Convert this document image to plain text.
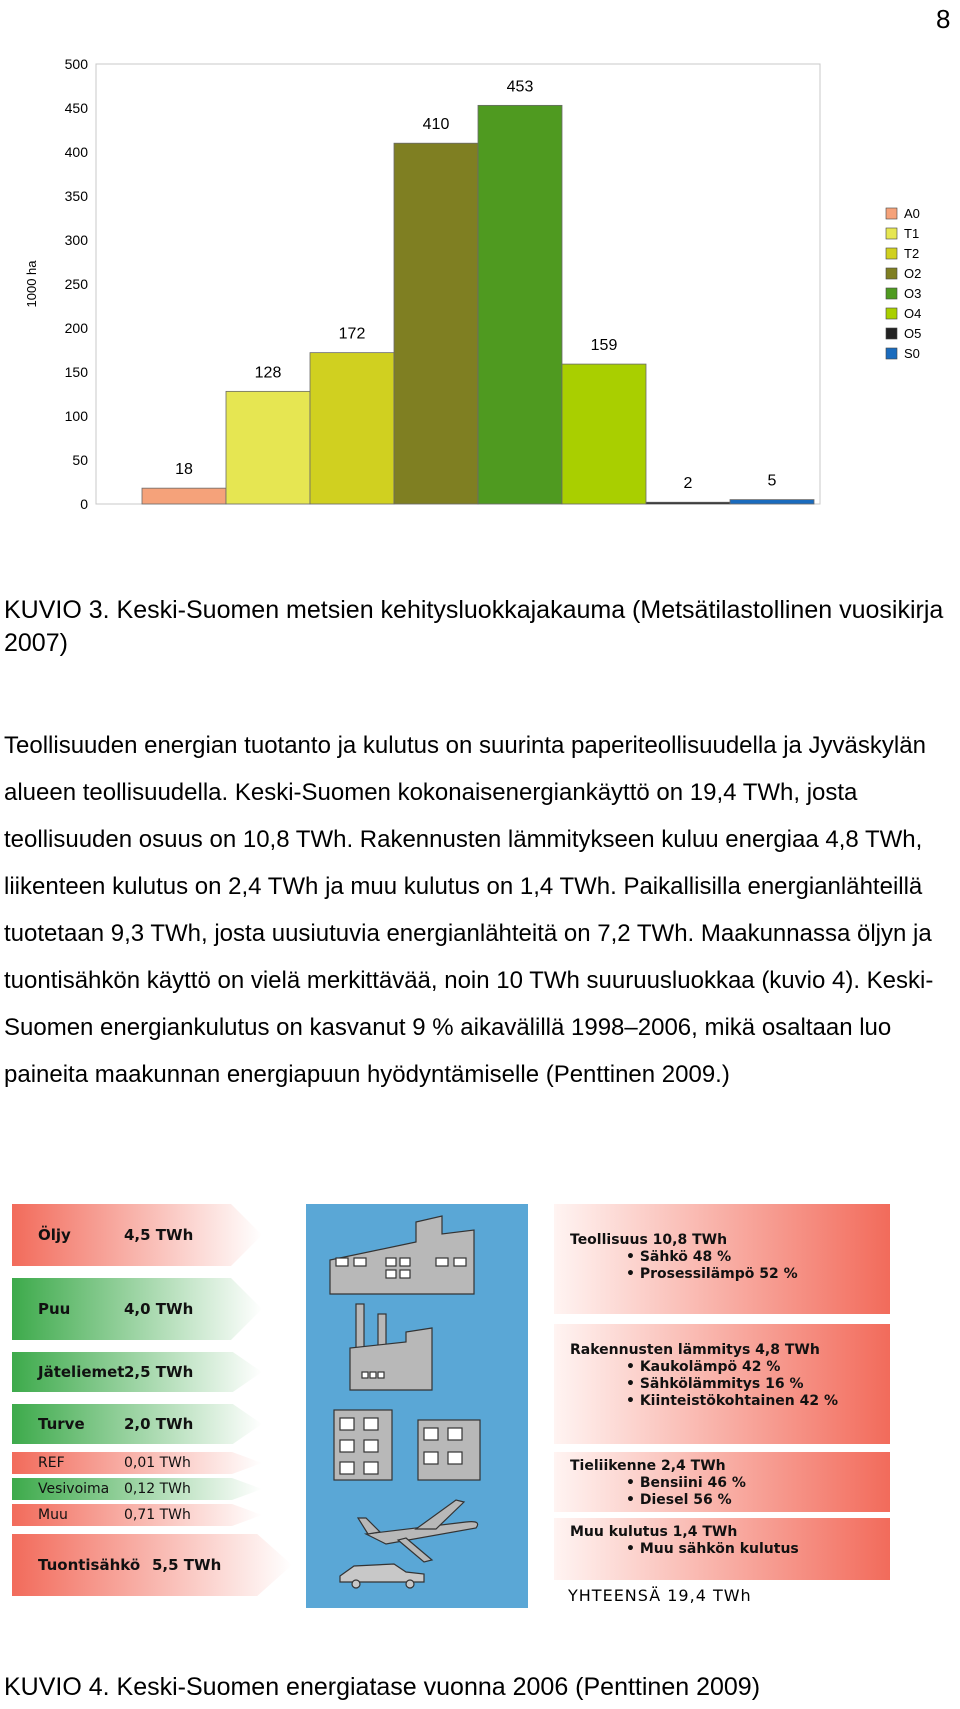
8
0
50
100
150
200
250
300
350
400
450
500
1000 ha
18
128
172
410
453
159
2	5
A0
T1
T2
O2
O3
O4
O5
S0
KUVIO 3. Keski-Suomen metsien kehitysluokkajakauma (Metsätilastollinen vuosikirja 2007)

Teollisuuden energian tuotanto ja kulutus on suurinta paperiteollisuudella ja Jyväskylän alueen teollisuudella. Keski-Suomen kokonaisenergiankäyttö on 19,4 TWh, josta teollisuuden osuus on 10,8 TWh. Rakennusten lämmitykseen kuluu energiaa 4,8 TWh, liikenteen kulutus on 2,4 TWh ja muu kulutus on 1,4 TWh. Paikallisilla energianlähteillä tuotetaan 9,3 TWh, josta uusiutuvia energianlähteitä on 7,2 TWh. Maakunnassa öljyn ja tuontisähkön käyttö on vielä merkittävää, noin 10 TWh suuruusluokkaa (kuvio 4). Keski-Suomen energiankulutus on kasvanut 9 % aikavälillä 1998–2006, mikä osaltaan luo paineita maakunnan energiapuun hyödyntämiselle (Penttinen 2009.)

Öljy	4,5 TWh
Puu	4,0 TWh
Jäteliemet 2,5 TWh
Turve	2,0 TWh
REF	0,01 TWh
Vesivoima 0,12 TWh
Muu	0,71 TWh
Tuontisähkö 5,5 TWh
Teollisuus 10,8 TWh
• Sähkö 48 %
• Prosessilämpö 52 %
Rakennusten lämmitys 4,8 TWh
• Kaukolämpö 42 %
• Sähkölämmitys 16 %
• Kiinteistökohtainen 42 %
Tieliikenne 2,4 TWh
• Bensiini 46 %
• Diesel 56 %
Muu kulutus 1,4 TWh
• Muu sähkön kulutus
YHTEENSÄ 19,4 TWh
KUVIO 4. Keski-Suomen energiatase vuonna 2006 (Penttinen 2009)
